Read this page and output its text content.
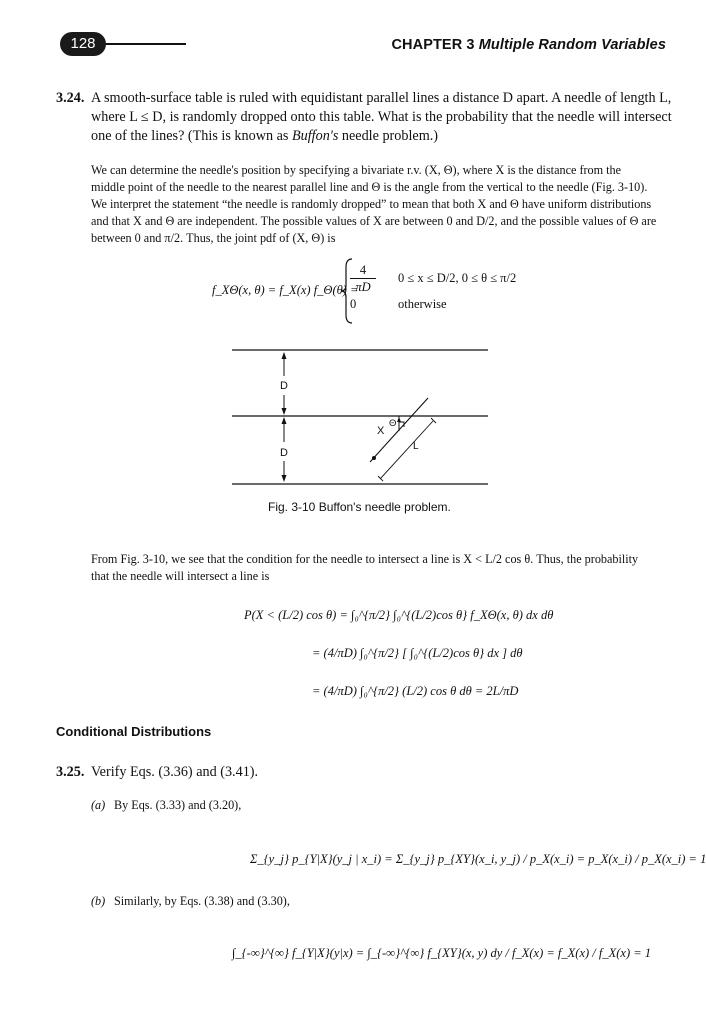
128	CHAPTER 3 Multiple Random Variables
3.24. A smooth-surface table is ruled with equidistant parallel lines a distance D apart. A needle of length L,
where L ≤ D, is randomly dropped onto this table. What is the probability that the needle will intersect
one of the lines? (This is known as Buffon's needle problem.)
We can determine the needle's position by specifying a bivariate r.v. (X, Θ), where X is the distance from the
middle point of the needle to the nearest parallel line and Θ is the angle from the vertical to the needle (Fig. 3-10).
We interpret the statement “the needle is randomly dropped” to mean that both X and Θ have uniform distributions
and that X and Θ are independent. The possible values of X are between 0 and D/2, and the possible values of Θ are
between 0 and π/2. Thus, the joint pdf of (X, Θ) is
f_XΘ(x, θ) = f_X(x) f_Θ(θ) =
$\frac{4}{\pi D} 0 \le x \le D/2$, 0 ≤ θ ≤ π/2
0	otherwise
D
D
X
Θ
L
Fig. 3-10 Buffon's needle problem.
From Fig. 3-10, we see that the condition for the needle to intersect a line is X < L/2 cos θ. Thus, the probability
that the needle will intersect a line is
P(X < (L/2) cos θ) = ∫₀^{π/2} ∫₀^{(L/2)cos θ} f_XΘ(x, θ) dx dθ
= (4/πD) ∫₀^{π/2} [ ∫₀^{(L/2)cos θ} dx ] dθ
= (4/πD) ∫₀^{π/2} (L/2) cos θ dθ = 2L/πD
Conditional Distributions
3.25. Verify Eqs. (3.36) and (3.41).
(a) By Eqs. (3.33) and (3.20),
Σ_{y_j} p_{Y|X}(y_j | x_i) = Σ_{y_j} p_{XY}(x_i, y_j) / p_X(x_i) = p_X(x_i) / p_X(x_i) = 1
(b) Similarly, by Eqs. (3.38) and (3.30),
∫_{-∞}^{∞} f_{Y|X}(y|x) = ∫_{-∞}^{∞} f_{XY}(x, y) dy / f_X(x) = f_X(x) / f_X(x) = 1
